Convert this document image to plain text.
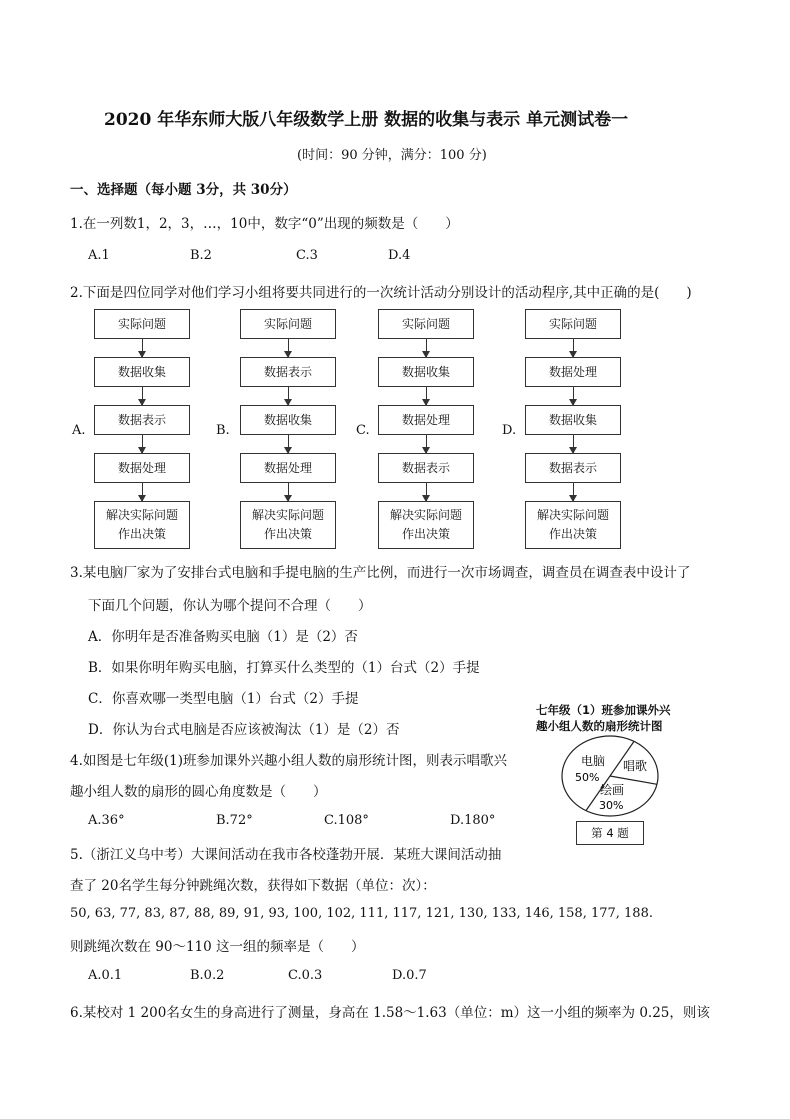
2020 年华东师大版八年级数学上册 数据的收集与表示 单元测试卷一
(时间：90 分钟，满分：100 分)
一、选择题（每小题 3分，共 30分）
1.在一列数1，2，3，…，10中，数字“0”出现的频数是（　　）
A.1	B.2	C.3	D.4
2.下面是四位同学对他们学习小组将要共同进行的一次统计活动分别设计的活动程序,其中正确的是(　　)
A.
实际问题
数据收集
数据表示
数据处理
解决实际问题
作出决策
B.
实际问题
数据表示
数据收集
数据处理
解决实际问题
作出决策
C.
实际问题
数据收集
数据处理
数据表示
解决实际问题
作出决策
D.
实际问题
数据处理
数据收集
数据表示
解决实际问题
作出决策
3.某电脑厂家为了安排台式电脑和手提电脑的生产比例，而进行一次市场调查，调查员在调查表中设计了
下面几个问题，你认为哪个提问不合理（　　）
A．你明年是否准备购买电脑（1）是（2）否
B．如果你明年购买电脑，打算买什么类型的（1）台式（2）手提
C．你喜欢哪一类型电脑（1）台式（2）手提
D．你认为台式电脑是否应该被淘汰（1）是（2）否
4.如图是七年级(1)班参加课外兴趣小组人数的扇形统计图，则表示唱歌兴
趣小组人数的扇形的圆心角度数是（　　）
A.36°	B.72°	C.108°	D.180°
七年级（1）班参加课外兴
趣小组人数的扇形统计图
电脑
50%
唱歌
绘画
30%
第 4 题
5.（浙江义乌中考）大课间活动在我市各校蓬勃开展．某班大课间活动抽
查了 20名学生每分钟跳绳次数，获得如下数据（单位：次）：
50, 63, 77, 83, 87, 88, 89, 91, 93, 100, 102, 111, 117, 121, 130, 133, 146, 158, 177, 188.
则跳绳次数在 90～110 这一组的频率是（　　）
A.0.1	B.0.2	C.0.3	D.0.7
6.某校对 1 200名女生的身高进行了测量，身高在 1.58～1.63（单位：m）这一小组的频率为 0.25，则该
